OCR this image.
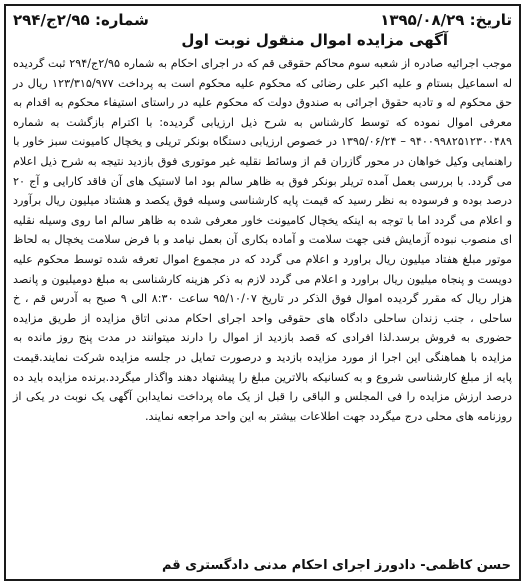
تاریخ: ۱۳۹۵/۰۸/۲۹
آگهی مزایده اموال منقول نوبت اول
شماره: ۲/۹۵ج/۲۹۴

موجب اجرائیه صادره از شعبه سوم محاکم حقوقی قم که در اجرای احکام به شماره ۲/۹۵ج/۲۹۴ ثبت گردیده له اسماعیل بستام و علیه اکبر علی رضائی که محکوم علیه محکوم است به پرداخت ۱۲۳/۳۱۵/۹۷۷ ریال در حق محکوم له و تادیه حقوق اجرائی به صندوق دولت که محکوم علیه در راستای استیفاء محکوم به اقدام به معرفی اموال نموده که توسط کارشناس به شرح ذیل ارزیابی گردیده: با اکترام بازگشت به شماره ۹۴۰۰۹۹۸۲۵۱۲۳۰۰۴۸۹ – ۱۳۹۵/۰۶/۲۴ در خصوص ارزیابی دستگاه بونکر تریلی و یخچال کامیونت سبز خاور با راهنمایی وکیل خواهان در محور گازران قم از وسائط نقلیه غیر موتوری فوق بازدید نتیجه به شرح ذیل اعلام می گردد. با بررسی بعمل آمده تریلر بونکر فوق به ظاهر سالم بود اما لاستیک های آن فاقد کارایی و آج ۲۰ درصد بوده و فرسوده به نظر رسید که قیمت پایه کارشناسی وسیله فوق یکصد و هشتاد میلیون ریال برآورد و اعلام می گردد اما با توجه به اینکه یخچال کامیونت خاور معرفی شده به ظاهر سالم اما روی وسیله نقلیه ای منصوب نبوده آزمایش فنی جهت سلامت و آماده بکاری آن بعمل نیامد و با فرض سلامت یخچال به لحاظ موتور مبلغ هفتاد میلیون ریال براورد و اعلام می گردد که در مجموع اموال تعرفه شده توسط محکوم علیه دویست و پنجاه میلیون ریال براورد و اعلام می گردد لازم به ذکر هزینه کارشناسی به مبلغ دومیلیون و پانصد هزار ریال که مقرر گردیده اموال فوق الذکر در تاریخ ۹۵/۱۰/۰۷ ساعت ۸:۳۰ الی ۹ صبح به آدرس قم ، خ ساحلی ، جنب زندان ساحلی دادگاه های حقوقی واحد اجرای احکام مدنی اتاق مزایده از طریق مزایده حضوری به فروش برسد.لذا افرادی که قصد بازدید از اموال را دارند میتوانند در مدت پنج روز مانده به مزایده با هماهنگی این اجرا از مورد مزایده بازدید و درصورت تمایل در جلسه مزایده شرکت نمایند.قیمت پایه از مبلغ کارشناسی شروع و به کسانیکه بالاترین مبلغ را پیشنهاد دهند واگذار میگردد.برنده مزایده باید ده درصد ارزش مزایده را فی المجلس و الباقی را قبل از یک ماه پرداخت نمایدابن آگهی یک نوبت در یکی از روزنامه های محلی درج میگردد جهت اطلاعات بیشتر به این واحد مراجعه نمایند.

حسن کاظمی- دادورز اجرای احکام مدنی دادگستری قم
